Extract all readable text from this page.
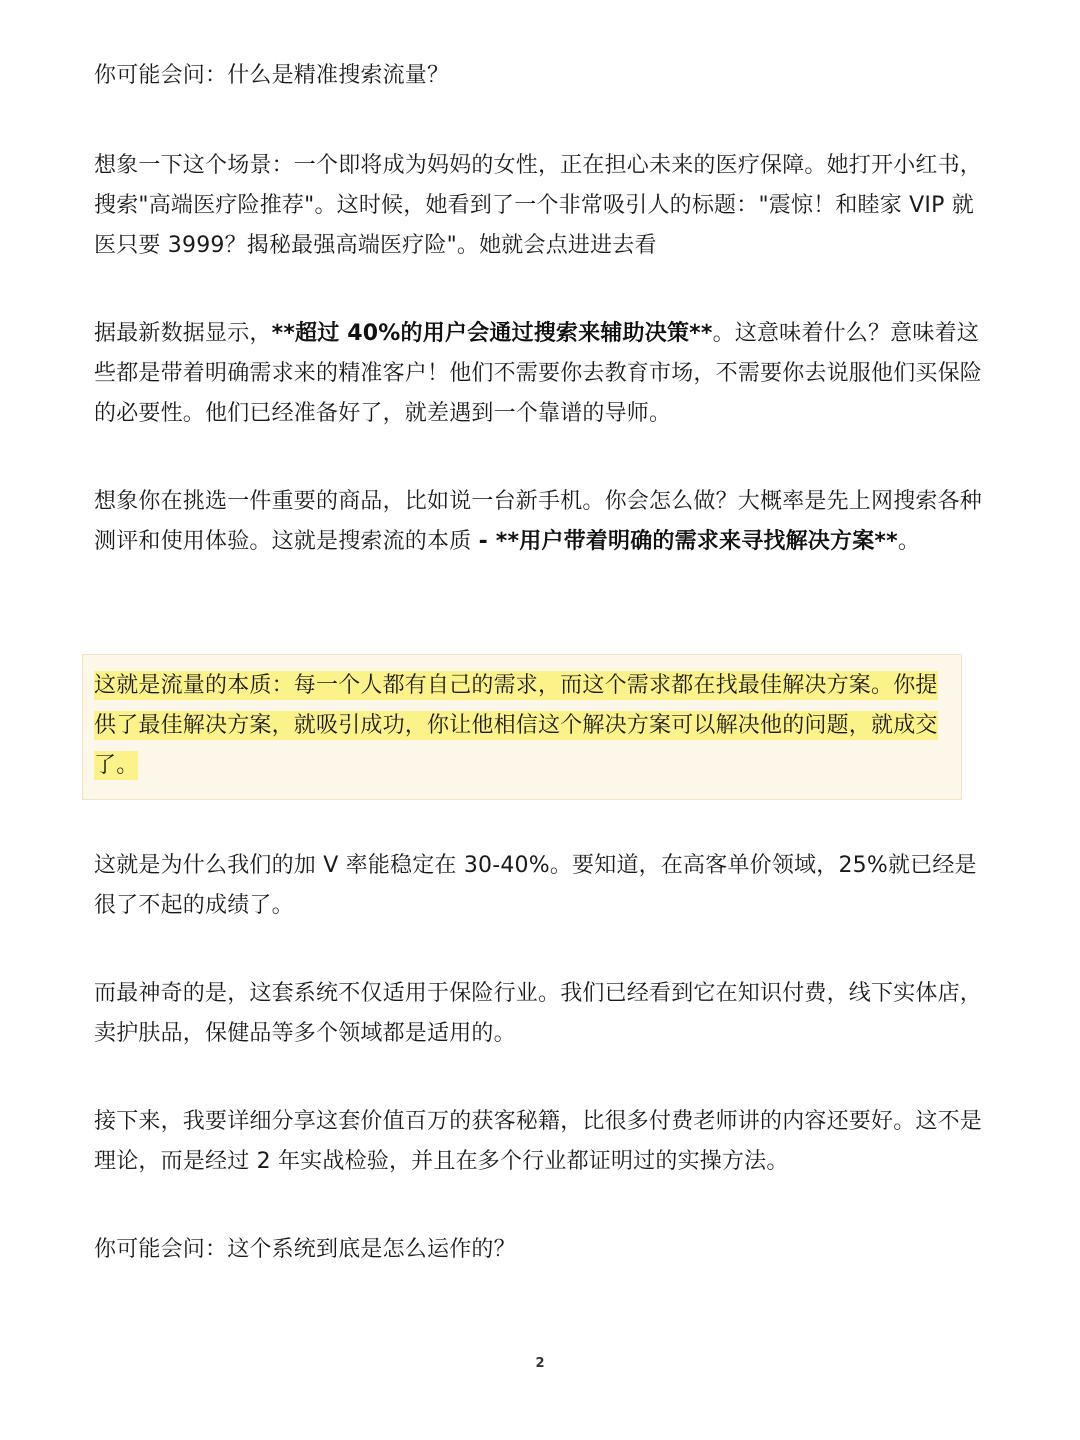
你可能会问：什么是精准搜索流量？

想象一下这个场景：一个即将成为妈妈的女性，正在担心未来的医疗保障。她打开小红书，搜索"高端医疗险推荐"。这时候，她看到了一个非常吸引人的标题："震惊！和睦家 VIP 就医只要 3999？揭秘最强高端医疗险"。她就会点进进去看

据最新数据显示，**超过 40%的用户会通过搜索来辅助决策**。这意味着什么？意味着这些都是带着明确需求来的精准客户！他们不需要你去教育市场，不需要你去说服他们买保险的必要性。他们已经准备好了，就差遇到一个靠谱的导师。

想象你在挑选一件重要的商品，比如说一台新手机。你会怎么做？大概率是先上网搜索各种测评和使用体验。这就是搜索流的本质 - **用户带着明确的需求来寻找解决方案**。

这就是流量的本质：每一个人都有自己的需求，而这个需求都在找最佳解决方案。你提供了最佳解决方案，就吸引成功，你让他相信这个解决方案可以解决他的问题，就成交了。

这就是为什么我们的加 V 率能稳定在 30-40%。要知道，在高客单价领域，25%就已经是很了不起的成绩了。

而最神奇的是，这套系统不仅适用于保险行业。我们已经看到它在知识付费，线下实体店，卖护肤品，保健品等多个领域都是适用的。

接下来，我要详细分享这套价值百万的获客秘籍，比很多付费老师讲的内容还要好。这不是理论，而是经过 2 年实战检验，并且在多个行业都证明过的实操方法。

你可能会问：这个系统到底是怎么运作的？

2
